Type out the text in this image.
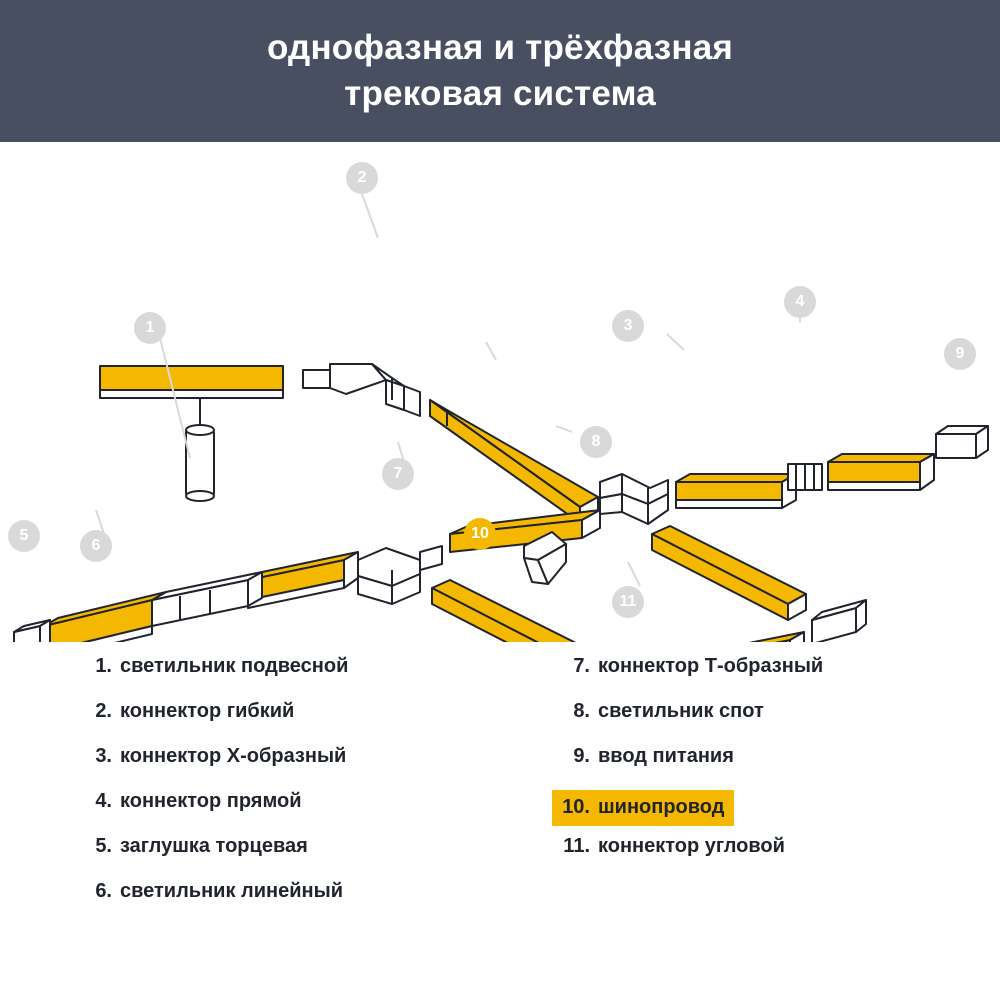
однофазная и трёхфазная
трековая система
1
2
3
4
5
6
7
8
9
10
11
1. светильник подвесной
2. коннектор гибкий
3. коннектор X-образный
4. коннектор прямой
5. заглушка торцевая
6. светильник линейный
7. коннектор Т-образный
8. светильник спот
9. ввод питания
10. шинопровод
11. коннектор угловой
